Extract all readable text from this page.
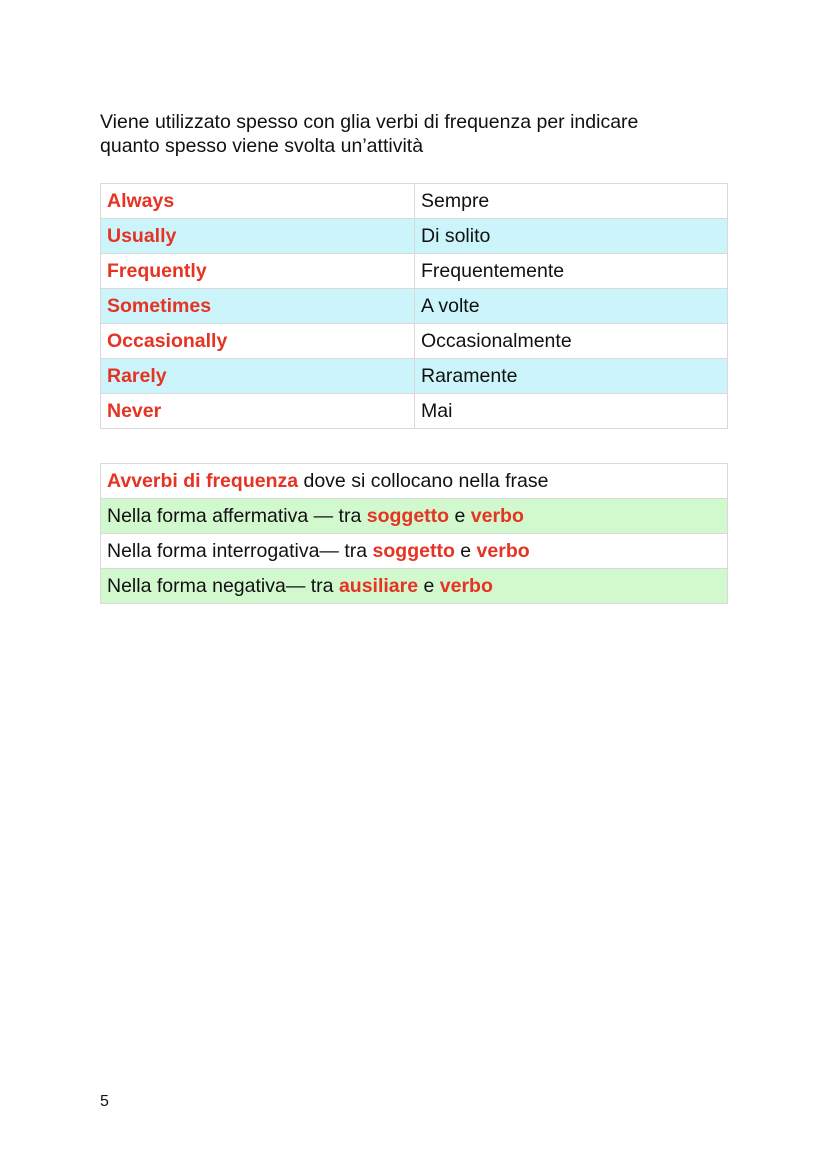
Viene utilizzato spesso con glia verbi di frequenza per indicare
quanto spesso viene svolta un’attività

Always	Sempre
Usually	Di solito
Frequently	Frequentemente
Sometimes	A volte
Occasionally	Occasionalmente
Rarely	Raramente
Never	Mai
Avverbi di frequenza dove si collocano nella frase
Nella forma affermativa — tra soggetto e verbo
Nella forma interrogativa— tra soggetto e verbo
Nella forma negativa— tra ausiliare e verbo
5
